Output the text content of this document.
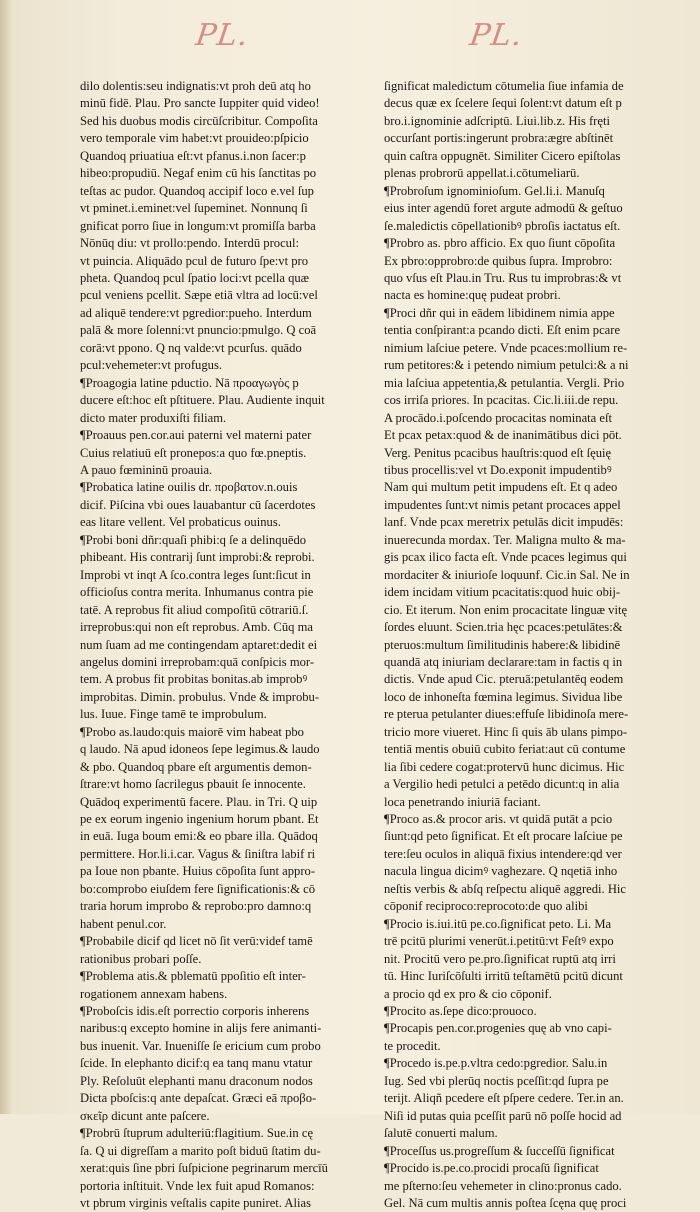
PL.	PL.
dilo dolentis:seu indignatis:vt proh deū atq ho
minū fidē. Plau. Pro sancte Iuppiter quid video!
Sed his duobus modis circūſcribitur. Compoſita
vero temporale vim habet:vt prouideo:pſpicio
Quandoq priuatiua eſt:vt pfanus.i.non ſacer:p
hibeo:propudiū. Negaf enim cū his ſanctitas po
teſtas ac pudor. Quandoq accipif loco e.vel ſup
vt pminet.i.eminet:vel ſupeminet. Nonnunq ſi
gnificat porro ſiue in longum:vt promiſſa barba
Nōnūq diu: vt prollo:pendo. Interdū procul:
vt puincia. Aliquādo pcul de futuro ſpe:vt pro
pheta. Quandoq pcul ſpatio loci:vt pcella quæ
pcul veniens pcellit. Sæpe etiā vltra ad locū:vel
ad aliquē tendere:vt pgredior:pueho. Interdum
palā & more ſolenni:vt pnuncio:pmulgo. Q coā
corā:vt ppono. Q nq valde:vt pcurſus. quādo
pcul:vehemeter:vt profugus.
¶Proagogia latine pductio. Nā προαγωγὸς p
ducere eſt:hoc eſt pſtituere. Plau. Audiente inquit
dicto mater produxiſti filiam.
¶Proauus pen.cor.aui paterni vel materni pater
Cuius relatiuū eſt pronepos:a quo fœ.pneptis.
A pauo fœmininū proauia.
¶Probatica latine ouilis dr. προβατον.n.ouis
dicif. Piſcina vbi oues lauabantur cū ſacerdotes
eas litare vellent. Vel probaticus ouinus.
¶Probi boni dñr:quaſi phibi:q ſe a delinquēdo
phibeant. His contrarij ſunt improbi:& reprobi.
Improbi vt inqt A ſco.contra leges ſunt:ſicut in
officioſus contra merita. Inhumanus contra pie
tatē. A reprobus fit aliud compoſitū cōtrariū.ſ.
irreprobus:qui non eſt reprobus. Amb. Cūq ma
num ſuam ad me contingendam aptaret:dedit ei
angelus domini irreprobam:quā conſpicis mor-
tem. A probus fit probitas bonitas.ab improbꝰ
improbitas. Dimin. probulus. Vnde & improbu-
lus. Iuue. Finge tamē te improbulum.
¶Probo as.laudo:quis maiorē vim habeat pbo
q laudo. Nā apud idoneos ſepe legimus.& laudo
& pbo. Quandoq pbare eſt argumentis demon-
ſtrare:vt homo ſacrilegus pbauit ſe innocente.
Quādoq experimentū facere. Plau. in Tri. Q uip
pe ex eorum ingenio ingenium horum pbant. Et
in euā. Iuga boum emi:& eo pbare illa. Quādoq
permittere. Hor.li.i.car. Vagus & ſiniſtra labif ri
pa Ioue non pbante. Huius cōpoſita ſunt appro-
bo:comprobo eiuſdem fere ſignificationis:& cō
traria horum improbo & reprobo:pro damno:q
habent penul.cor.
¶Probabile dicif qd licet nō ſit verū:videf tamē
rationibus probari poſſe.
¶Problema atis.& pblematū ppoſitio eſt inter-
rogationem annexam habens.
¶Proboſcis idis.eſt porrectio corporis inherens
naribus:q excepto homine in alijs fere animanti-
bus inuenit. Var. Inueniſſe ſe ericium cum probo
ſcide. In elephanto dicif:q ea tanq manu vtatur
Ply. Reſoluūt elephanti manu draconum nodos
Dicta pboſcis:q ante depaſcat. Græci eā προβο-
σκεῖρ dicunt ante paſcere.
¶Probrū ſtuprum adulteriū:flagitium. Sue.in cę
ſa. Q ui digreſſam a marito poſt biduū ſtatim du-
xerat:quis ſine pbri ſuſpicione pegrinarum mercīū
portoria inſtituit. Vnde lex fuit apud Romanos:
vt pbrum virginis veſtalis capite puniret. Alias
ſignificat maledictum cōtumelia ſiue infamia de
decus quæ ex ſcelere ſequi ſolent:vt datum eſt p
bro.i.ignominie adſcriptū. Liui.lib.z. His fręti
occurſant portis:ingerunt probra:ægre abſtinēt
quin caſtra oppugnēt. Similiter Cicero epiſtolas
plenas probrorū appellat.i.cōtumeliarū.
¶Probroſum ignominioſum. Gel.li.i. Manuſq
eius inter agendū foret argute admodū & geſtuo
ſe.maledictis cōpellationibꝰ pbroſis iactatus eſt.
¶Probro as. pbro afficio. Ex quo ſiunt cōpoſita
Ex pbro:opprobro:de quibus ſupra. Improbro:
quo vſus eſt Plau.in Tru. Rus tu improbras:& vt
nacta es homine:quę pudeat probri.
¶Proci dñr qui in eādem libidinem nimia appe
tentia conſpirant:a pcando dicti. Eſt enim pcare
nimium laſciue petere. Vnde pcaces:mollium re-
rum petitores:& i petendo nimium petulci:& a ni
mia laſciua appetentia,& petulantia. Vergli. Prio
cos irriſa priores. In pcacitas. Cic.li.iii.de repu.
A procādo.i.poſcendo procacitas nominata eſt
Et pcax petax:quod & de inanimātibus dici pōt.
Verg. Penitus pcacibus hauſtris:quod eſt ſęuię
tibus procellis:vel vt Do.exponit impudentibꝰ
Nam qui multum petit impudens eſt. Et q adeo
impudentes ſunt:vt nimis petant procaces appel
lanf. Vnde pcax meretrix petulās dicit impudēs:
inuerecunda mordax. Ter. Maligna multo & ma-
gis pcax ilico facta eſt. Vnde pcaces legimus qui
mordaciter & iniurioſe loquunf. Cic.in Sal. Ne in
idem incidam vitium pcacitatis:quod huic obij-
cio. Et iterum. Non enim procacitate linguæ vitę
ſordes eluunt. Scien.tria hęc pcaces:petulātes:&
pteruos:multum ſimilitudinis habere:& libidinē
quandā atq iniuriam declarare:tam in factis q in
dictis. Vnde apud Cic. pteruā:petulantēq eodem
loco de inhoneſta fœmina legimus. Sividua libe
re pterua petulanter diues:effuſe libidinoſa mere-
tricio more viueret. Hinc ſi quis āb ulans pimpo-
tentiā mentis obuiū cubito feriat:aut cū contume
lia ſibi cedere cogat:protervū hunc dicimus. Hic
a Vergilio hedi petulci a petēdo dicunt:q in alia
loca penetrando iniuriā faciant.
¶Proco as.& procor aris. vt quidā putāt a pcio
ſiunt:qd peto ſignificat. Et eſt procare laſciue pe
tere:ſeu oculos in aliquā fixius intendere:qd ver
nacula lingua dicimꝰ vaghezare. Q nqetiā inho
neſtis verbis & abſq reſpectu aliquē aggredi. Hic
cōponif reciproco:reprocoto:de quo alibi
¶Procio is.iui.itū pe.co.ſignificat peto. Li. Ma
trē pcitū plurimi venerūt.i.petitū:vt Feſtꝰ expo
nit. Procitū vero pe.pro.ſignificat ruptū atq irri
tū. Hinc Iuriſcōſulti irritū teſtamētū pcitū dicunt
a procio qd ex pro & cio cōponif.
¶Procito as.ſepe dico:prouoco.
¶Procapis pen.cor.progenies quę ab vno capi-
te procedit.
¶Procedo is.pe.p.vltra cedo:pgredior. Salu.in
Iug. Sed vbi plerūq noctis pceſſit:qd ſupra pe
terijt. Aliqñ pcedere eſt pſpere cedere. Ter.in an.
Niſi id putas quia pceſſit parū nō poſſe hocid ad
ſalutē conuerti malum.
¶Proceſſus us.progreſſum & ſucceſſū ſignificat
¶Procido is.pe.co.procidi procaſū ſignificat
me pſterno:ſeu vehemeter in clino:pronus cado.
Gel. Nā cum multis annis poſtea ſcęna quę proci
